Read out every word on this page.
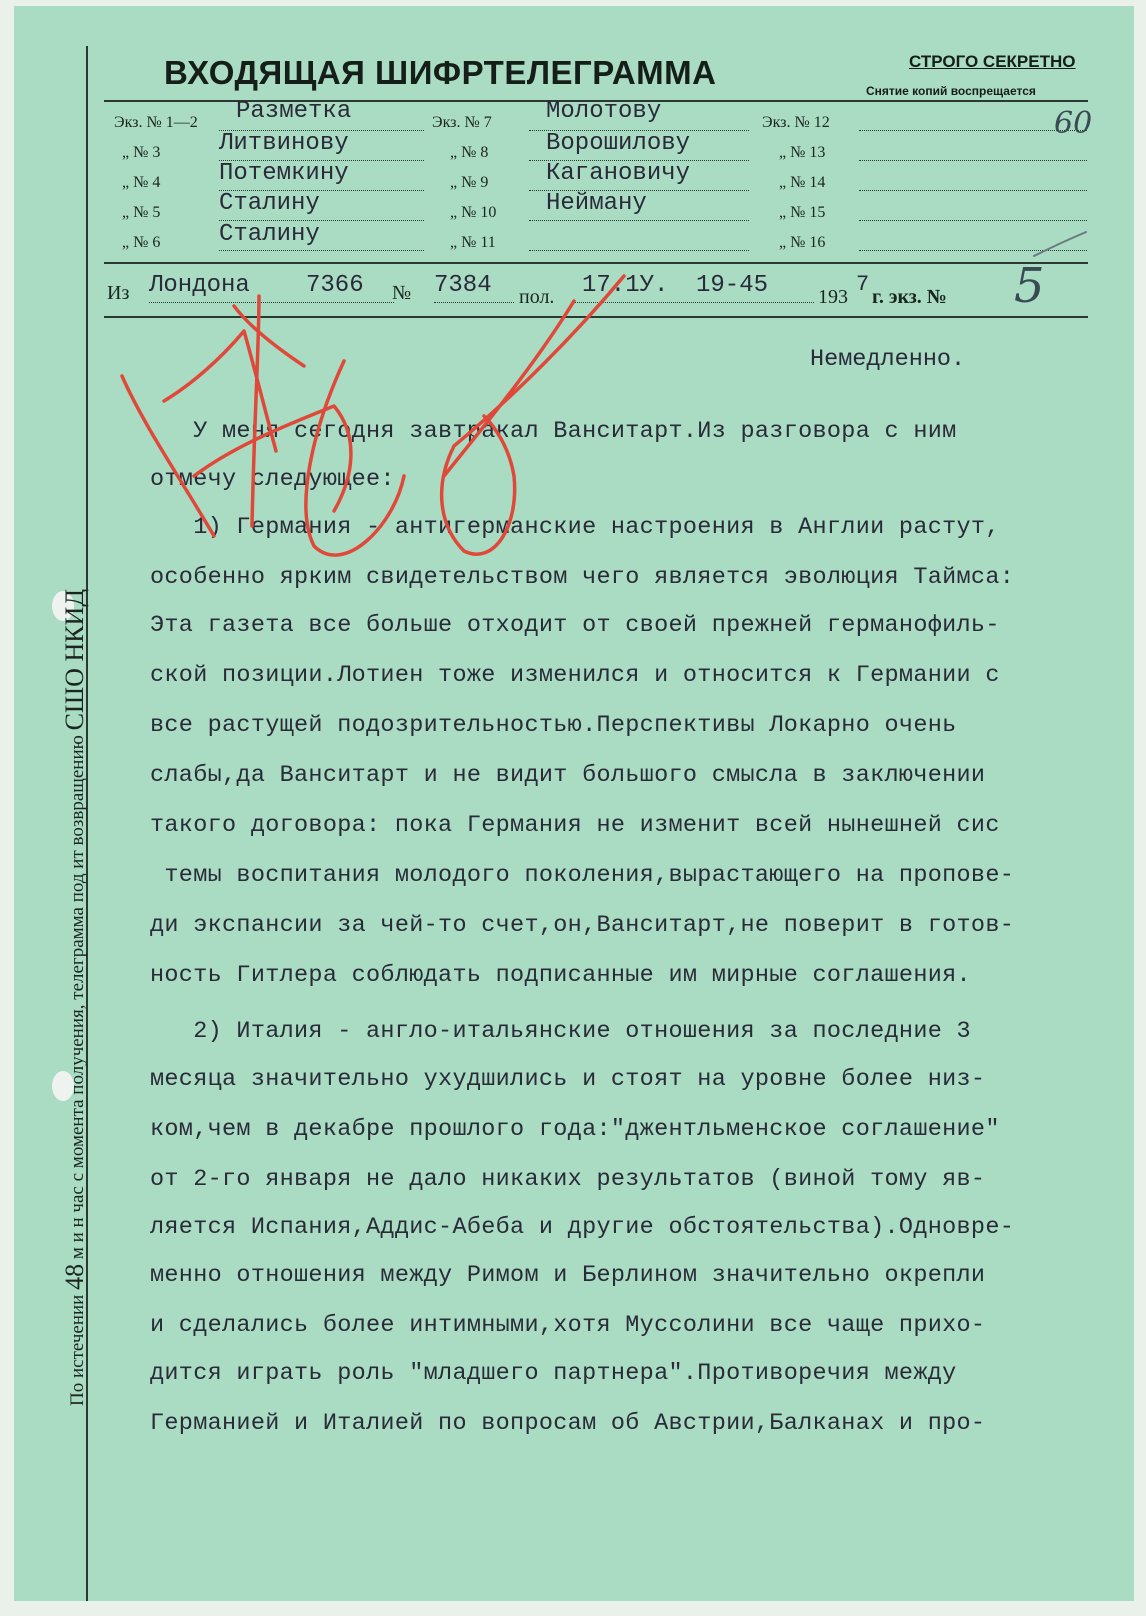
По истечении 48 м и н час с момента получения, телеграмма под ит возвращению СШО НКИД
ВХОДЯЩАЯ ШИФРТЕЛЕГРАММА	СТРОГО СЕКРЕТНО
Снятие копий воспрещается
Экз. № 1—2
„ № 3
„ № 4
„ № 5
„ № 6
Разметка
Литвинову
Потемкину
Сталину
Сталину
Экз. № 7
„ № 8
„ № 9
„ № 10
„ № 11
Молотову
Ворошилову
Кагановичу
Нейману
Экз. № 12
„ № 13
„ № 14
„ № 15
„ № 16
60
Из Лондона 7366 № 7384 пол. 17.1У. 19-45 193 7 г. экз. № 5
Немедленно.
У меня сегодня завтракал Ванситарт.Из разговора с ним
отмечу следующее:
1) Германия - антигерманские настроения в Англии растут,
особенно ярким свидетельством чего является эволюция Таймса:
Эта газета все больше отходит от своей прежней германофиль-
ской позиции.Лотиен тоже изменился и относится к Германии с
все растущей подозрительностью.Перспективы Локарно очень
слабы,да Ванситарт и не видит большого смысла в заключении
такого договора: пока Германия не изменит всей нынешней сис
темы воспитания молодого поколения,вырастающего на пропове-
ди экспансии за чей-то счет,он,Ванситарт,не поверит в готов-
ность Гитлера соблюдать подписанные им мирные соглашения.
2) Италия - англо-итальянские отношения за последние 3
месяца значительно ухудшились и стоят на уровне более низ-
ком,чем в декабре прошлого года:"джентльменское соглашение"
от 2-го января не дало никаких результатов (виной тому яв-
ляется Испания,Аддис-Абеба и другие обстоятельства).Одновре-
менно отношения между Римом и Берлином значительно окрепли
и сделались более интимными,хотя Муссолини все чаще прихо-
дится играть роль "младшего партнера".Противоречия между
Германией и Италией по вопросам об Австрии,Балканах и про-
